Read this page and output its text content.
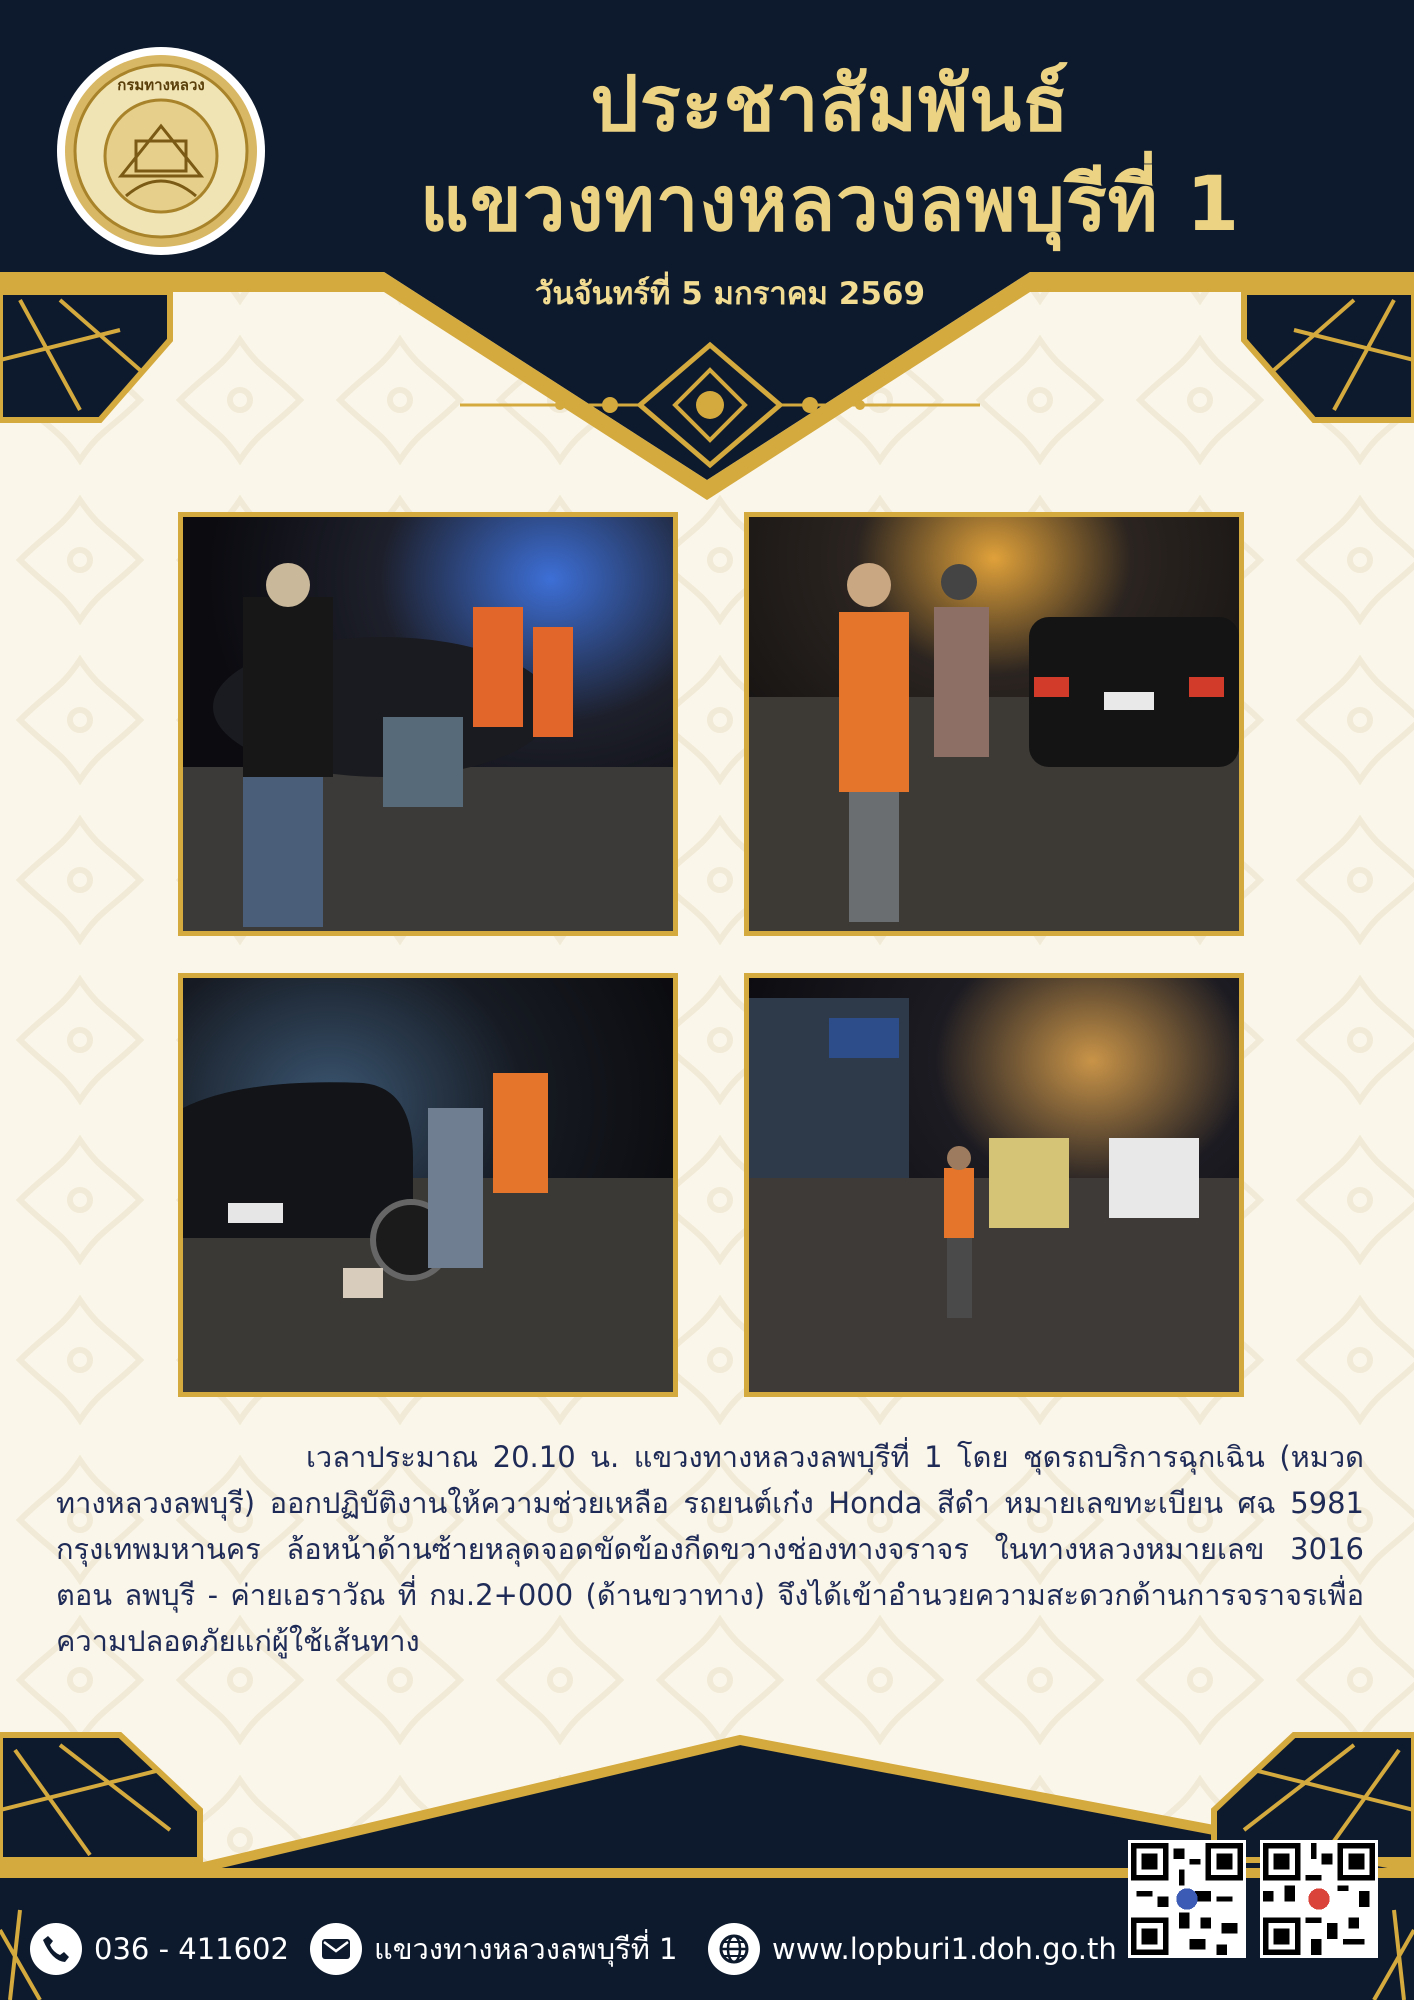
กรมทางหลวง	ประชาสัมพันธ์
แขวงทางหลวงลพบุรีที่ 1
วันจันทร์ที่ 5 มกราคม 2569

เวลาประมาณ 20.10 น. แขวงทางหลวงลพบุรีที่ 1 โดย ชุดรถบริการฉุกเฉิน (หมวดทางหลวงลพบุรี) ออกปฏิบัติงานให้ความช่วยเหลือ รถยนต์เก๋ง Honda สีดำ หมายเลขทะเบียน ศฉ 5981 กรุงเทพมหานคร ล้อหน้าด้านซ้ายหลุดจอดขัดข้องกีดขวางช่องทางจราจร ในทางหลวงหมายเลข 3016 ตอน ลพบุรี - ค่ายเอราวัณ ที่ กม.2+000 (ด้านขวาทาง) จึงได้เข้าอำนวยความสะดวกด้านการจราจรเพื่อความปลอดภัยแก่ผู้ใช้เส้นทาง

036 - 411602	แขวงทางหลวงลพบุรีที่ 1	www.lopburi1.doh.go.th
